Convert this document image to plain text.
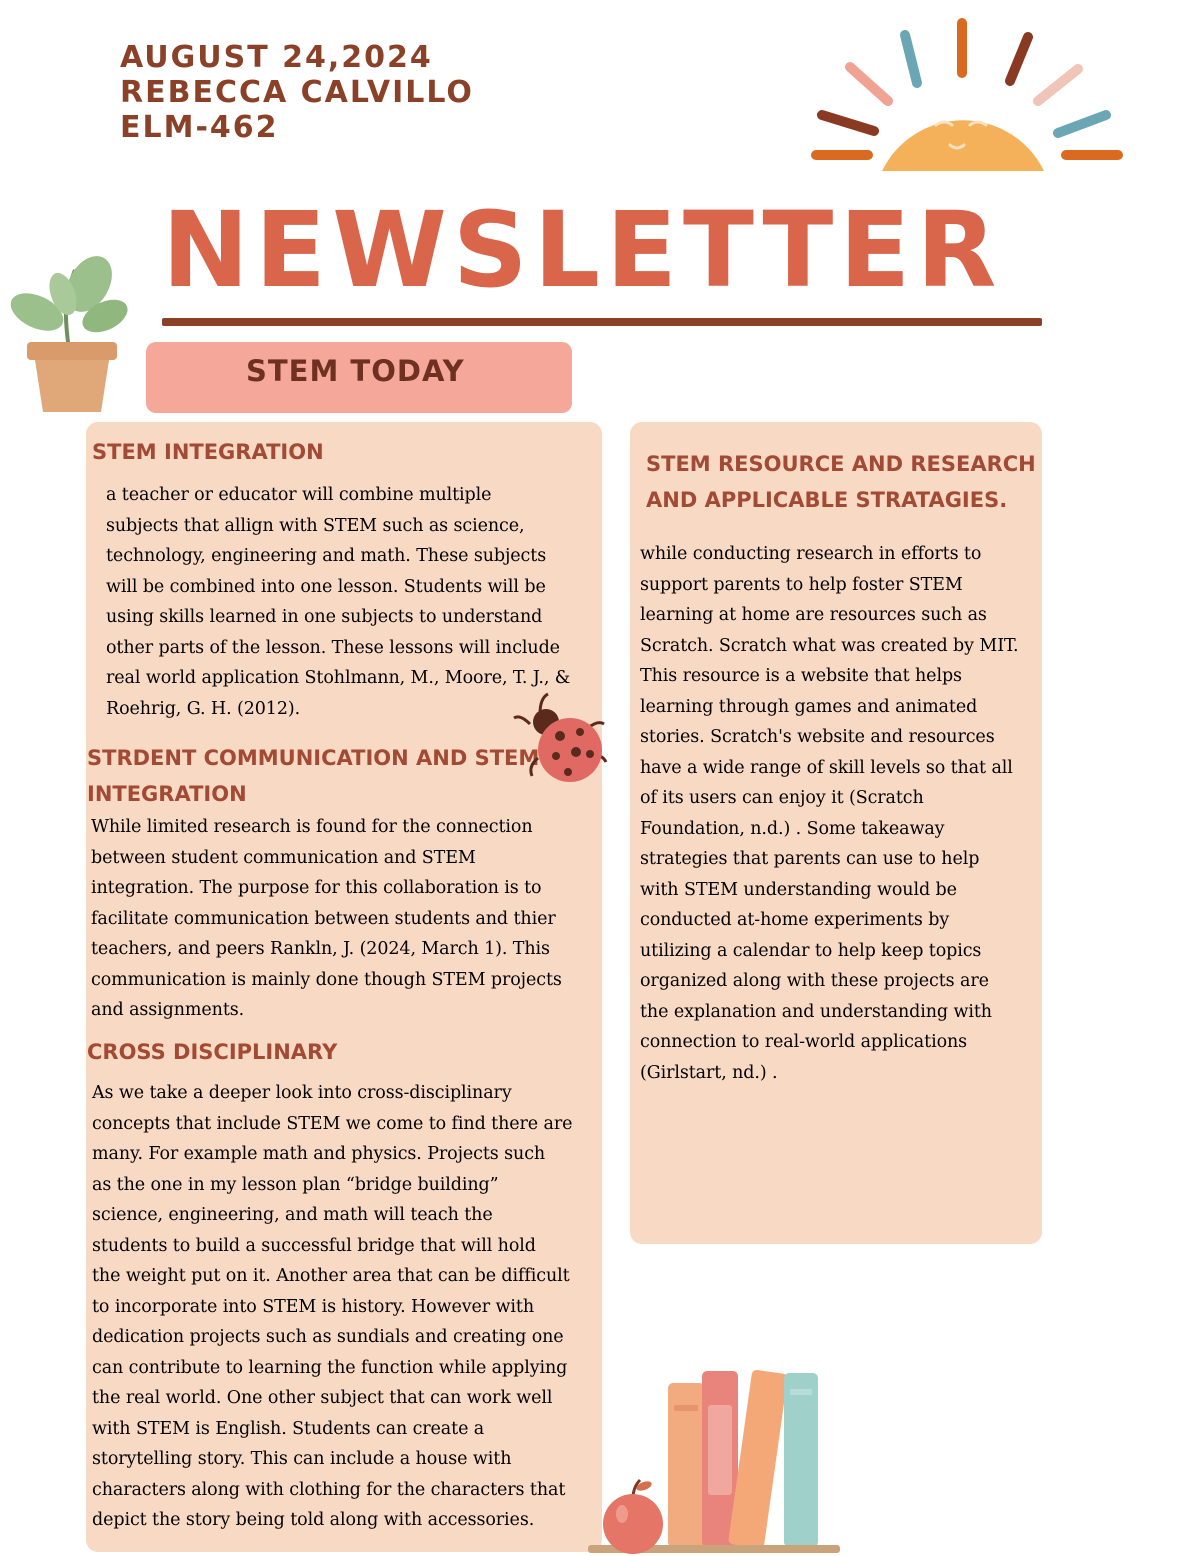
AUGUST 24,2024
REBECCA CALVILLO
ELM-462
NEWSLETTER
STEM TODAY

STEM INTEGRATION

a teacher or educator will combine multiple

subjects that allign with STEM such as science,

technology, engineering and math. These subjects

will be combined into one lesson. Students will be

using skills learned in one subjects to understand

other parts of the lesson. These lessons will include

real world application Stohlmann, M., Moore, T. J., &

Roehrig, G. H. (2012).

STRDENT COMMUNICATION AND STEM

INTEGRATION

While limited research is found for the connection

between student communication and STEM

integration. The purpose for this collaboration is to

facilitate communication between students and thier

teachers, and peers Rankln, J. (2024, March 1). This

communication is mainly done though STEM projects

and assignments.

CROSS DISCIPLINARY

As we take a deeper look into cross-disciplinary

concepts that include STEM we come to find there are

many. For example math and physics. Projects such

as the one in my lesson plan “bridge building”

science, engineering, and math will teach the

students to build a successful bridge that will hold

the weight put on it. Another area that can be difficult

to incorporate into STEM is history. However with

dedication projects such as sundials and creating one

can contribute to learning the function while applying

the real world. One other subject that can work well

with STEM is English. Students can create a

storytelling story. This can include a house with

characters along with clothing for the characters that

depict the story being told along with accessories.

STEM RESOURCE AND RESEARCH

AND APPLICABLE STRATAGIES.

while conducting research in efforts to

support parents to help foster STEM

learning at home are resources such as

Scratch. Scratch what was created by MIT.

This resource is a website that helps

learning through games and animated

stories. Scratch's website and resources

have a wide range of skill levels so that all

of its users can enjoy it (Scratch

Foundation, n.d.) . Some takeaway

strategies that parents can use to help

with STEM understanding would be

conducted at-home experiments by

utilizing a calendar to help keep topics

organized along with these projects are

the explanation and understanding with

connection to real-world applications

(Girlstart, nd.) .
